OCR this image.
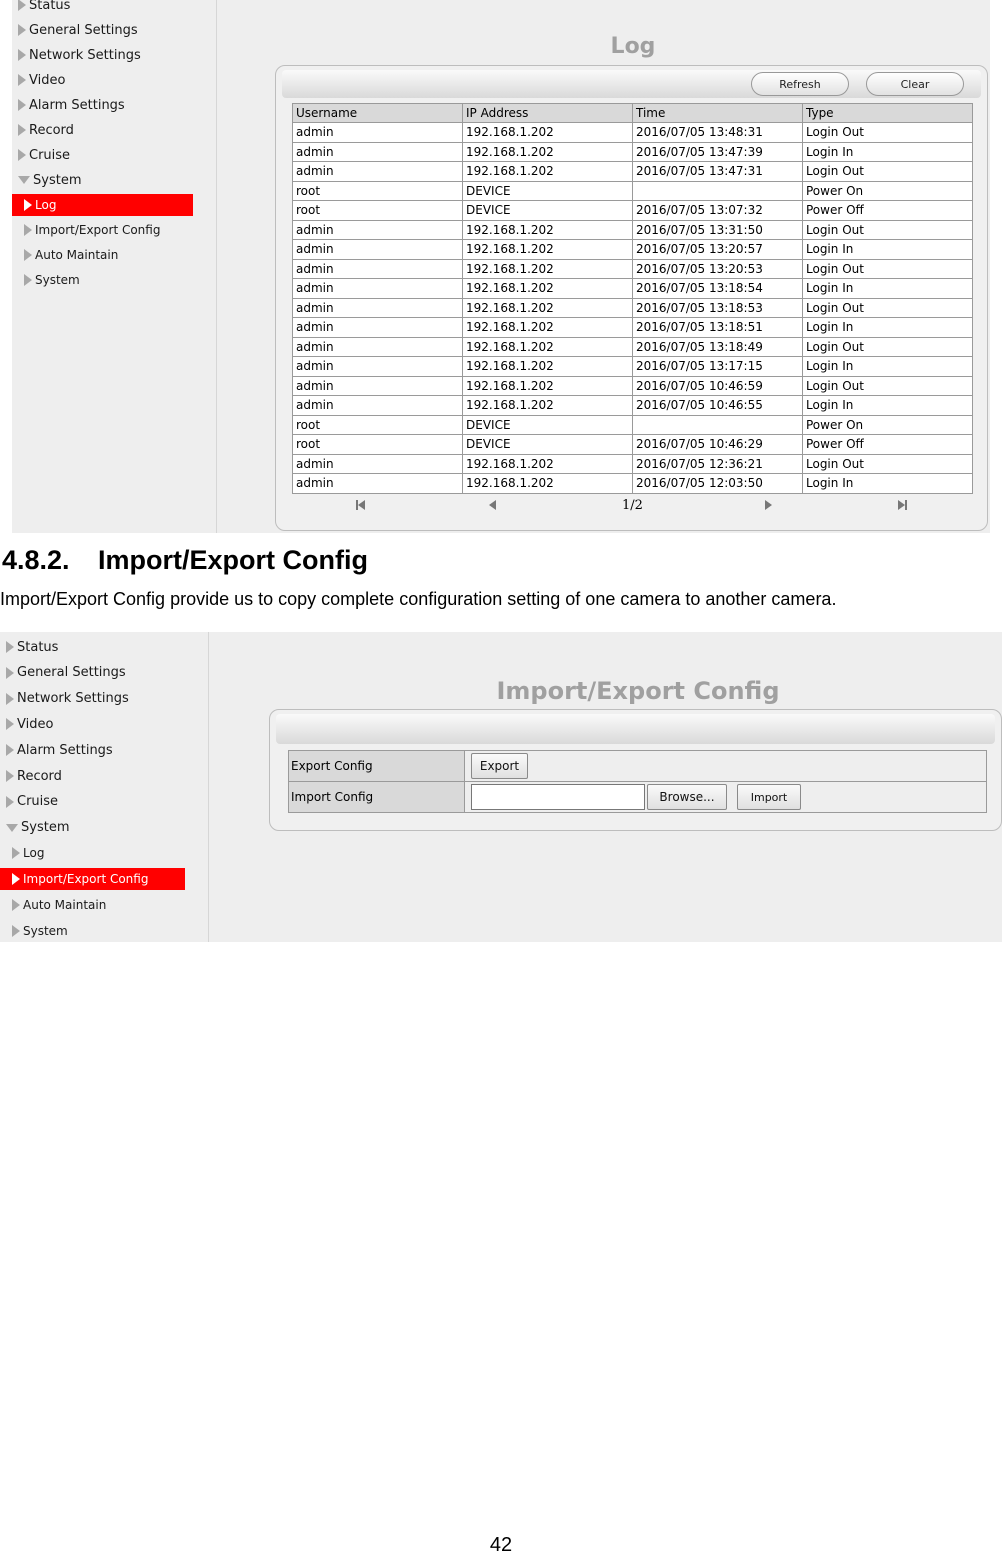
Status
General Settings
Network Settings
Video
Alarm Settings
Record
Cruise
System
Log
Import/Export Config
Auto Maintain
System
Log
Refresh	Clear
Username	IP Address	Time	Type
admin	192.168.1.202	2016/07/05 13:48:31	Login Out
admin	192.168.1.202	2016/07/05 13:47:39	Login In
admin	192.168.1.202	2016/07/05 13:47:31	Login Out
root	DEVICE		Power On
root	DEVICE	2016/07/05 13:07:32	Power Off
admin	192.168.1.202	2016/07/05 13:31:50	Login Out
admin	192.168.1.202	2016/07/05 13:20:57	Login In
admin	192.168.1.202	2016/07/05 13:20:53	Login Out
admin	192.168.1.202	2016/07/05 13:18:54	Login In
admin	192.168.1.202	2016/07/05 13:18:53	Login Out
admin	192.168.1.202	2016/07/05 13:18:51	Login In
admin	192.168.1.202	2016/07/05 13:18:49	Login Out
admin	192.168.1.202	2016/07/05 13:17:15	Login In
admin	192.168.1.202	2016/07/05 10:46:59	Login Out
admin	192.168.1.202	2016/07/05 10:46:55	Login In
root	DEVICE		Power On
root	DEVICE	2016/07/05 10:46:29	Power Off
admin	192.168.1.202	2016/07/05 12:36:21	Login Out
admin	192.168.1.202	2016/07/05 12:03:50	Login In
1/2
4.8.2. Import/Export Config
Import/Export Config provide us to copy complete configuration setting of one camera to another camera.
Status
General Settings
Network Settings
Video
Alarm Settings
Record
Cruise
System
Log
Import/Export Config
Auto Maintain
System
Import/Export Config
Export Config	Export
Import Config	Browse... Import
42
